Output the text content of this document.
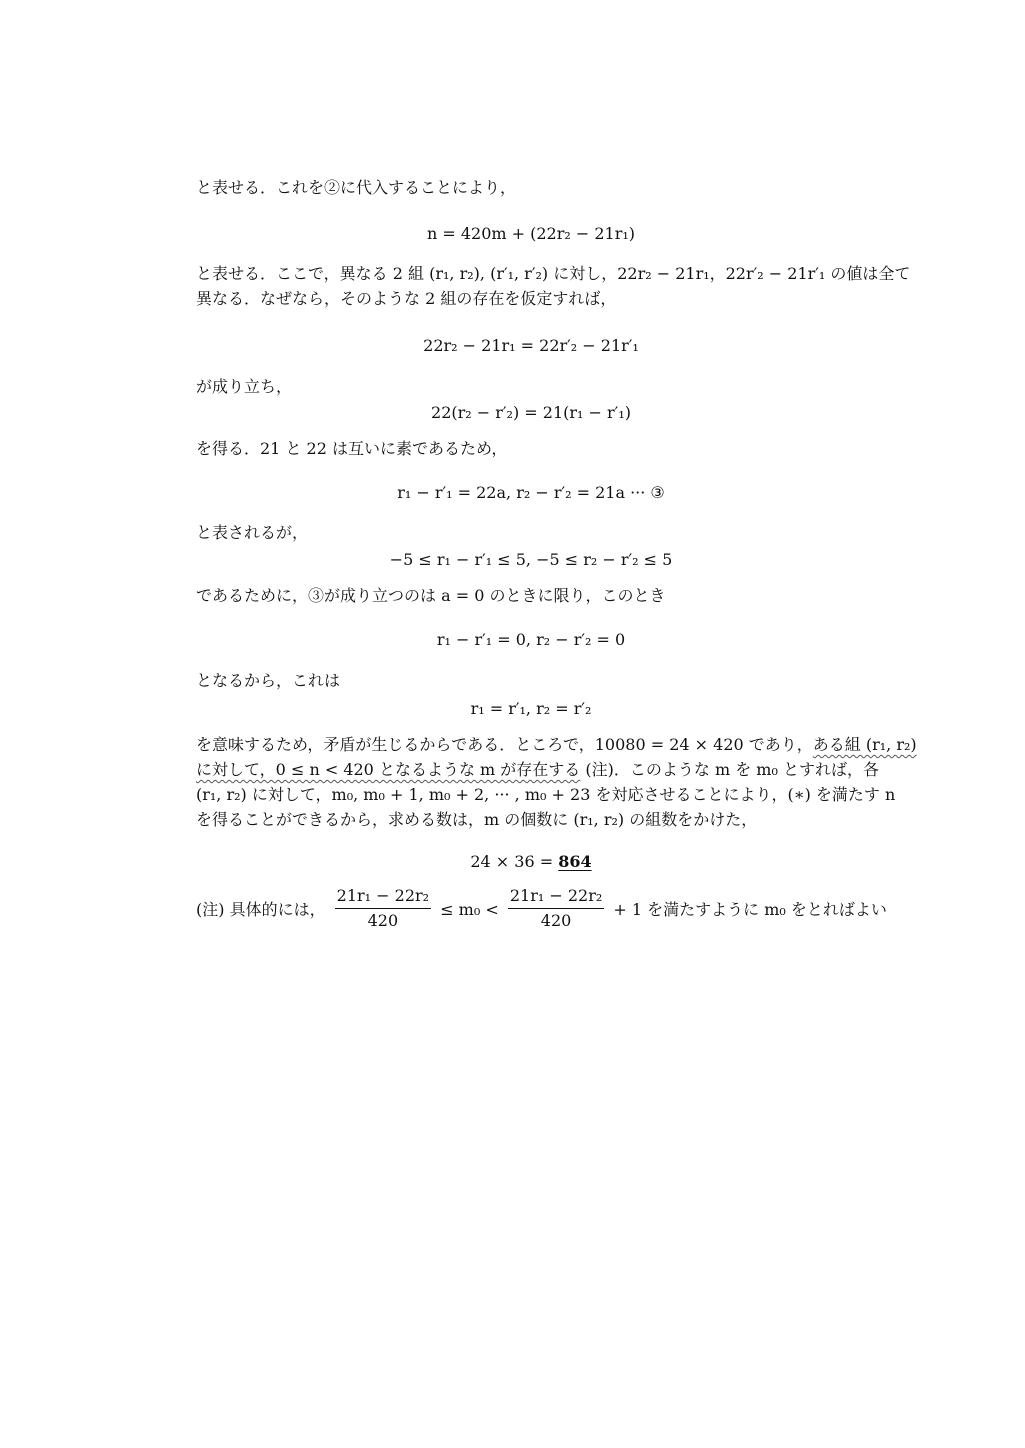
と表せる．これを②に代入することにより，
n = 420m + (22r₂ − 21r₁)
と表せる．ここで，異なる 2 組 (r₁, r₂), (r′₁, r′₂) に対し，22r₂ − 21r₁，22r′₂ − 21r′₁ の値は全て
異なる．なぜなら，そのような 2 組の存在を仮定すれば，
22r₂ − 21r₁ = 22r′₂ − 21r′₁
が成り立ち，
22(r₂ − r′₂) = 21(r₁ − r′₁)
を得る．21 と 22 は互いに素であるため，
r₁ − r′₁ = 22a, r₂ − r′₂ = 21a ··· ③
と表されるが，
−5 ≤ r₁ − r′₁ ≤ 5, −5 ≤ r₂ − r′₂ ≤ 5
であるために，③が成り立つのは a = 0 のときに限り，このとき
r₁ − r′₁ = 0, r₂ − r′₂ = 0
となるから，これは
r₁ = r′₁, r₂ = r′₂
を意味するため，矛盾が生じるからである．ところで，10080 = 24 × 420 であり，ある組 (r₁, r₂)
に対して，0 ≤ n < 420 となるような m が存在する (注)．このような m を m₀ とすれば，各
(r₁, r₂) に対して，m₀, m₀ + 1, m₀ + 2, ··· , m₀ + 23 を対応させることにより，(∗) を満たす n
を得ることができるから，求める数は，m の個数に (r₁, r₂) の組数をかけた，
24 × 36 = 864
(注) 具体的には， $\frac{\text{21r₁ − 22r₂}}{420} \le m_0 < \frac{\text{21r₁ − 22r₂}}{420} + 1$ を満たすように m₀ をとればよい
